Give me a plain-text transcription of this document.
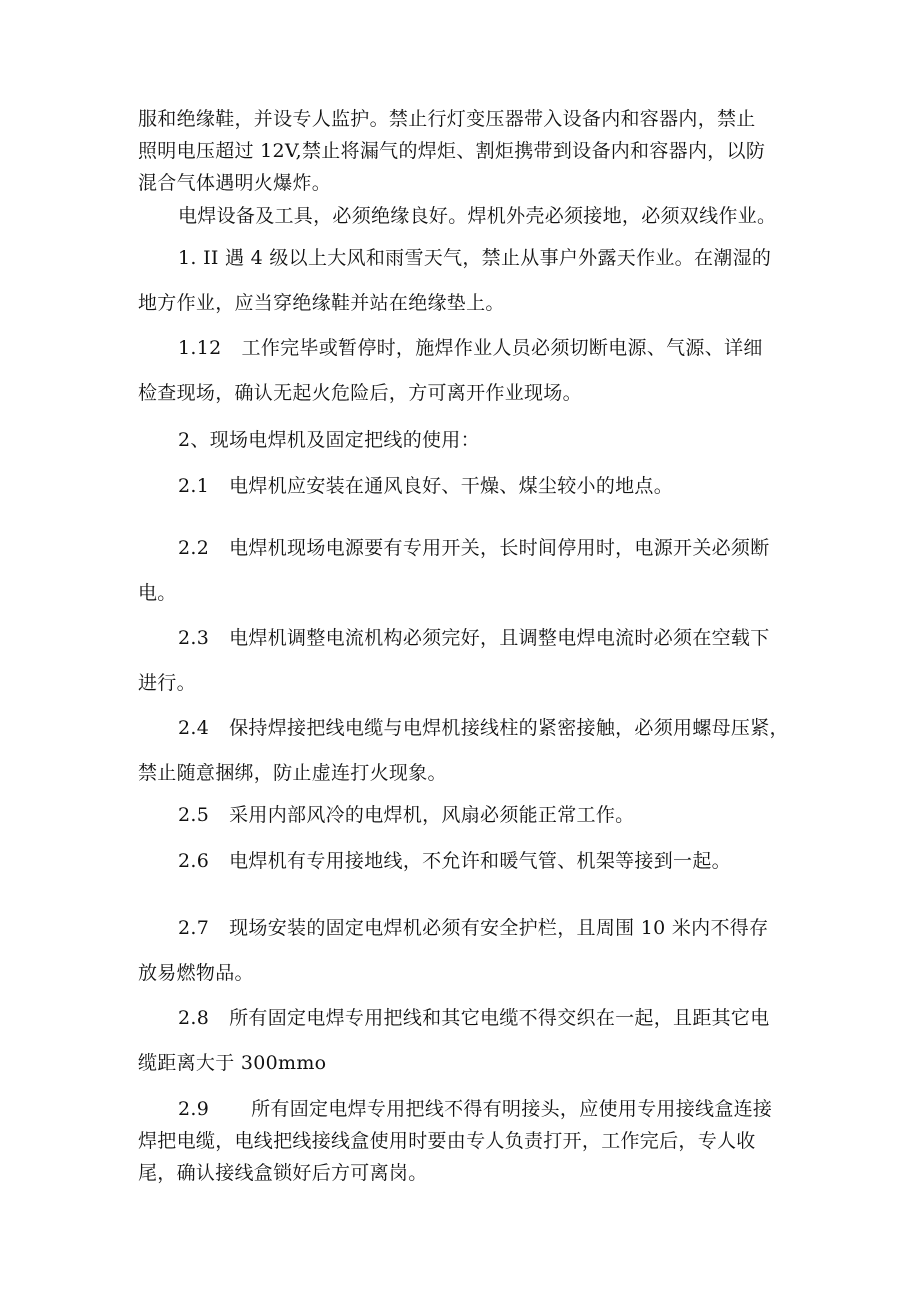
服和绝缘鞋，并设专人监护。禁止行灯变压器带入设备内和容器内，禁止
照明电压超过 12V,禁止将漏气的焊炬、割炬携带到设备内和容器内，以防
混合气体遇明火爆炸。
电焊设备及工具，必须绝缘良好。焊机外壳必须接地，必须双线作业。
1. II 遇 4 级以上大风和雨雪天气，禁止从事户外露天作业。在潮湿的
地方作业，应当穿绝缘鞋并站在绝缘垫上。
1.12 工作完毕或暂停时，施焊作业人员必须切断电源、气源、详细
检查现场，确认无起火危险后，方可离开作业现场。
2、现场电焊机及固定把线的使用：
2.1 电焊机应安装在通风良好、干燥、煤尘较小的地点。
2.2 电焊机现场电源要有专用开关，长时间停用时，电源开关必须断
电。
2.3 电焊机调整电流机构必须完好，且调整电焊电流时必须在空载下
进行。
2.4 保持焊接把线电缆与电焊机接线柱的紧密接触，必须用螺母压紧，
禁止随意捆绑，防止虚连打火现象。
2.5 采用内部风冷的电焊机，风扇必须能正常工作。
2.6 电焊机有专用接地线，不允许和暖气管、机架等接到一起。
2.7 现场安装的固定电焊机必须有安全护栏，且周围 10 米内不得存
放易燃物品。
2.8 所有固定电焊专用把线和其它电缆不得交织在一起，且距其它电
缆距离大于 300mmo
2.9 所有固定电焊专用把线不得有明接头，应使用专用接线盒连接
焊把电缆，电线把线接线盒使用时要由专人负责打开，工作完后，专人收
尾，确认接线盒锁好后方可离岗。
